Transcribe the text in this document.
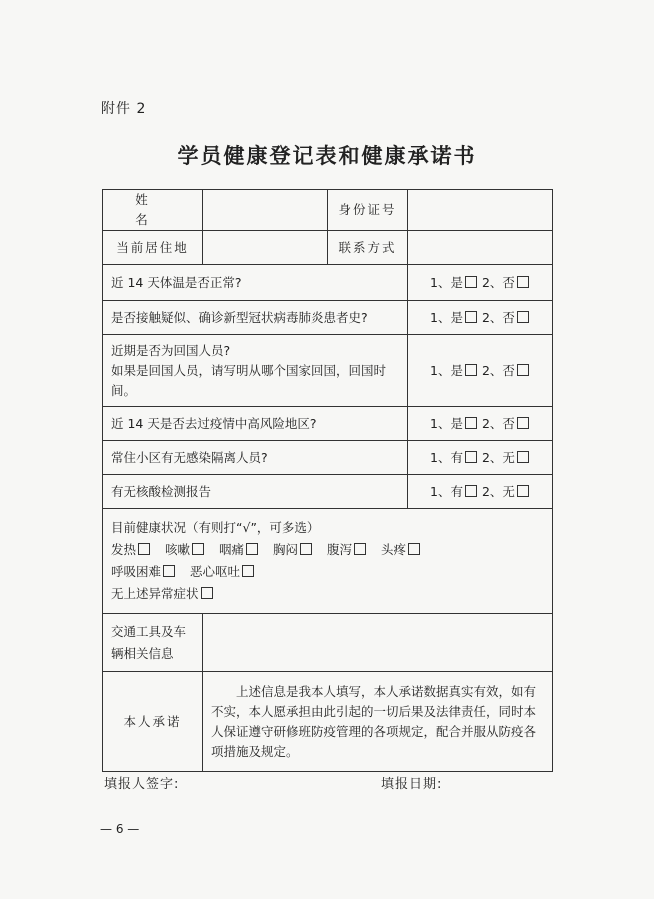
附件 2
学员健康登记表和健康承诺书
姓 名		身份证号	
当前居住地		联系方式	
近 14 天体温是否正常?			1、是 2、否
是否接触疑似、确诊新型冠状病毒肺炎患者史?			1、是 2、否

近期是否为回国人员?
如果是回国人员，请写明从哪个国家回国，回国时间。			1、是 2、否
近 14 天是否去过疫情中高风险地区?			1、是 2、否
常住小区有无感染隔离人员?			1、有 2、无
有无核酸检测报告			1、有 2、无

目前健康状况（有则打“√”，可多选）
发热 咳嗽 咽痛 胸闷 腹泻 头疼
呼吸困难 恶心呕吐
无上述异常症状			

交通工具及车辆相关信息			
本人承诺	上述信息是我本人填写，本人承诺数据真实有效，如有不实，本人愿承担由此引起的一切后果及法律责任，同时本人保证遵守研修班防疫管理的各项规定，配合并服从防疫各项措施及规定。		
填报人签字:	填报日期:
— 6 —
